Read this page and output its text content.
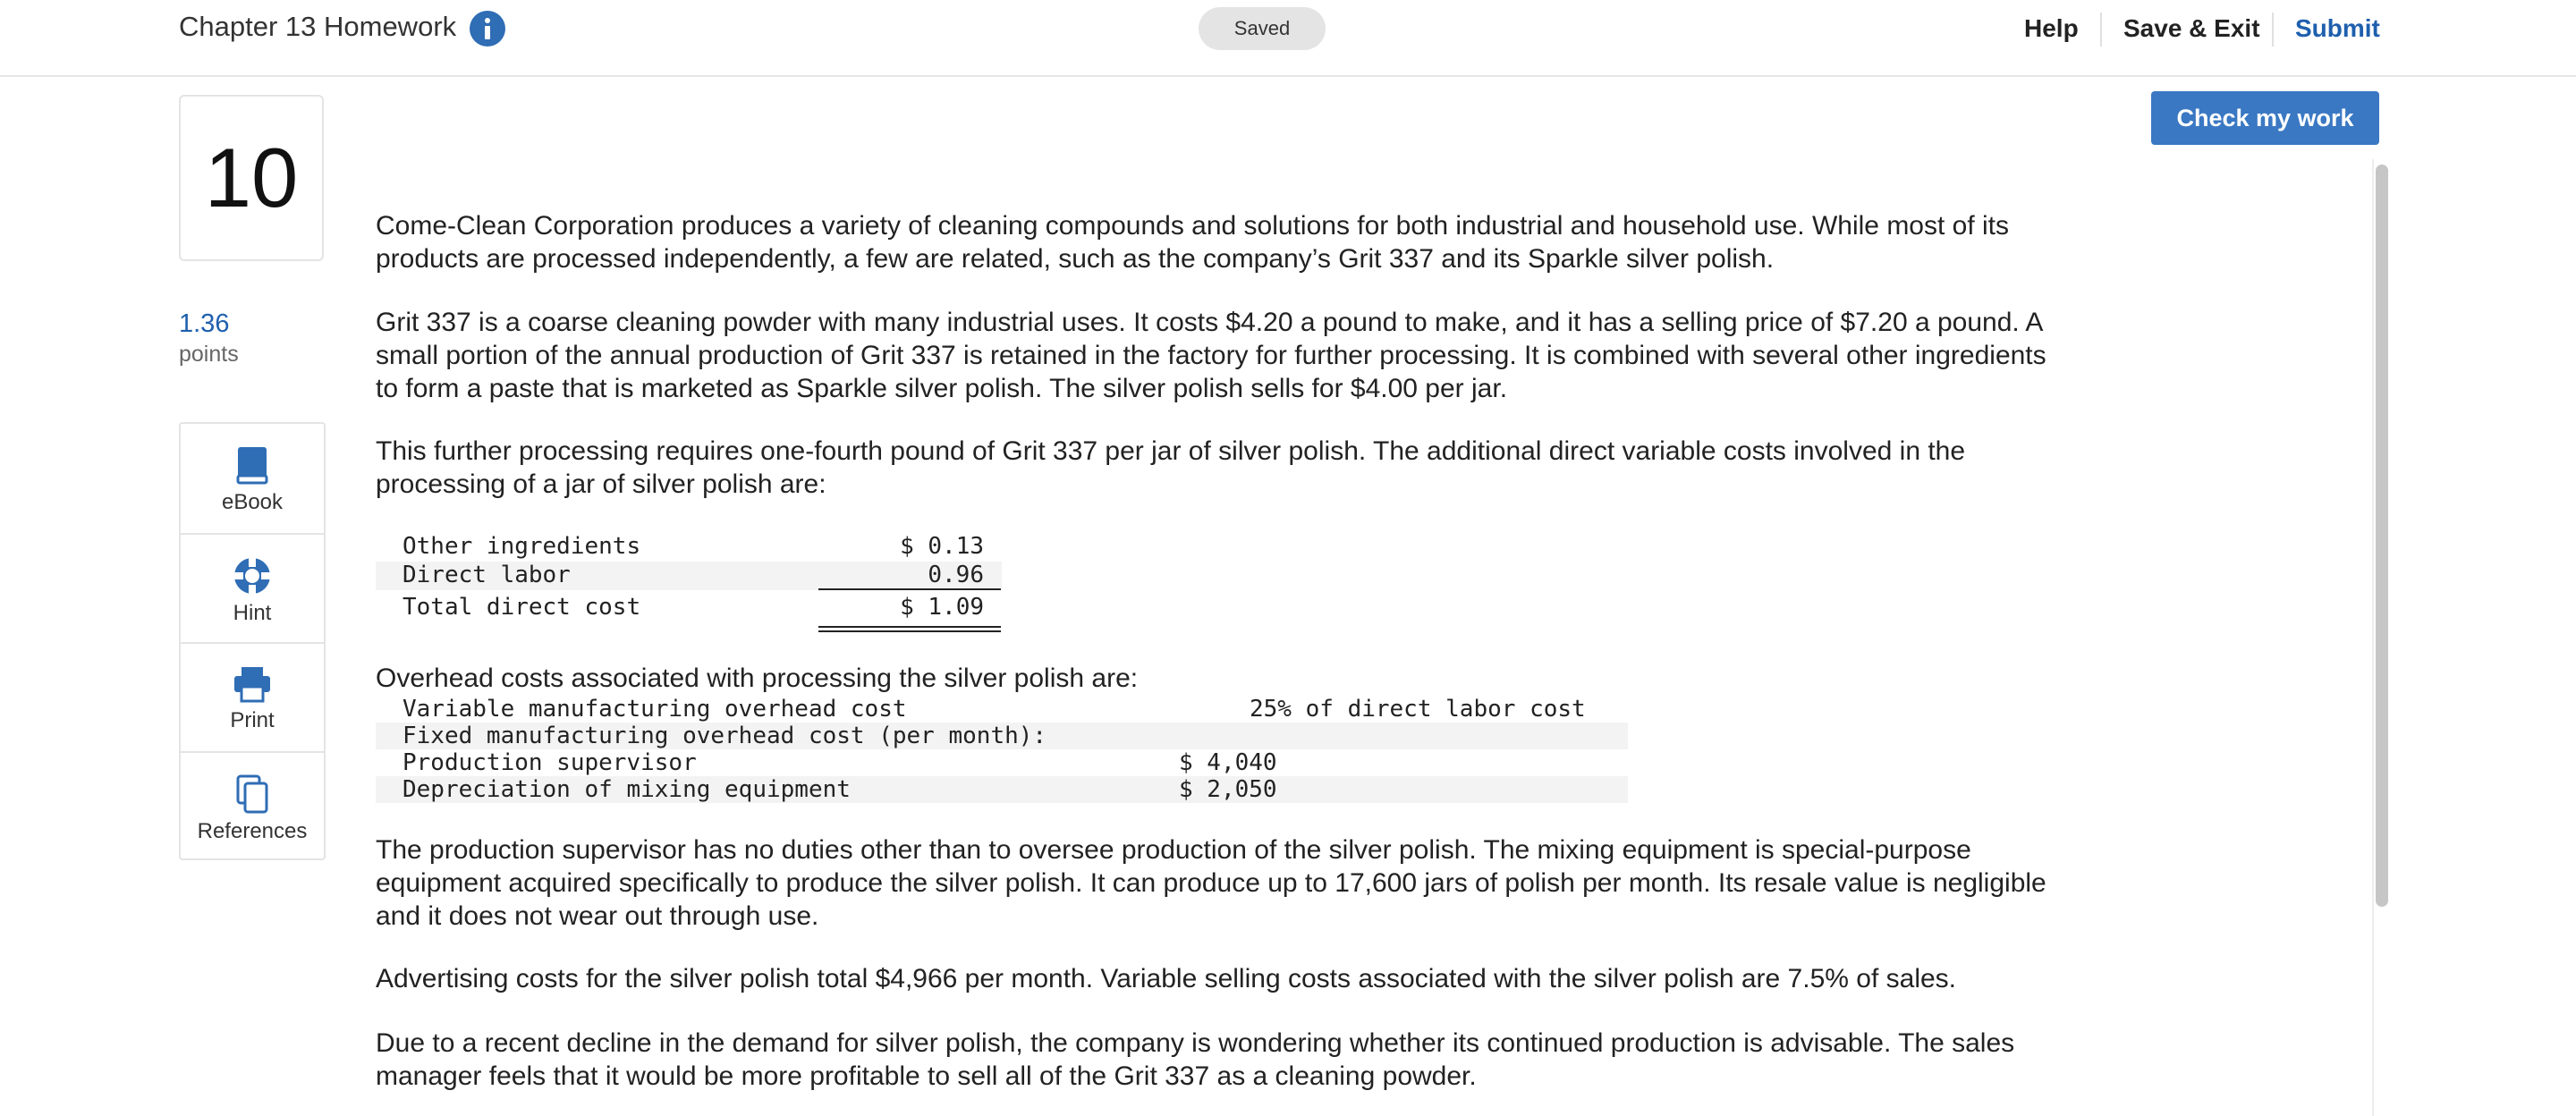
Chapter 13 Homework	Saved	Help Save & Exit Submit
Check my work
10
1.36
points
eBook
Hint
Print
References
Come-Clean Corporation produces a variety of cleaning compounds and solutions for both industrial and household use. While most of its products are processed independently, a few are related, such as the company’s Grit 337 and its Sparkle silver polish.
Grit 337 is a coarse cleaning powder with many industrial uses. It costs $4.20 a pound to make, and it has a selling price of $7.20 a pound. A small portion of the annual production of Grit 337 is retained in the factory for further processing. It is combined with several other ingredients to form a paste that is marketed as Sparkle silver polish. The silver polish sells for $4.00 per jar.
This further processing requires one-fourth pound of Grit 337 per jar of silver polish. The additional direct variable costs involved in the processing of a jar of silver polish are:
Other ingredients	$ 0.13
Direct labor	0.96
Total direct cost	$ 1.09
Overhead costs associated with processing the silver polish are:
Variable manufacturing overhead cost	25% of direct labor cost
Fixed manufacturing overhead cost (per month):
Production supervisor	$ 4,040
Depreciation of mixing equipment	$ 2,050
The production supervisor has no duties other than to oversee production of the silver polish. The mixing equipment is special-purpose equipment acquired specifically to produce the silver polish. It can produce up to 17,600 jars of polish per month. Its resale value is negligible and it does not wear out through use.
Advertising costs for the silver polish total $4,966 per month. Variable selling costs associated with the silver polish are 7.5% of sales.
Due to a recent decline in the demand for silver polish, the company is wondering whether its continued production is advisable. The sales manager feels that it would be more profitable to sell all of the Grit 337 as a cleaning powder.
